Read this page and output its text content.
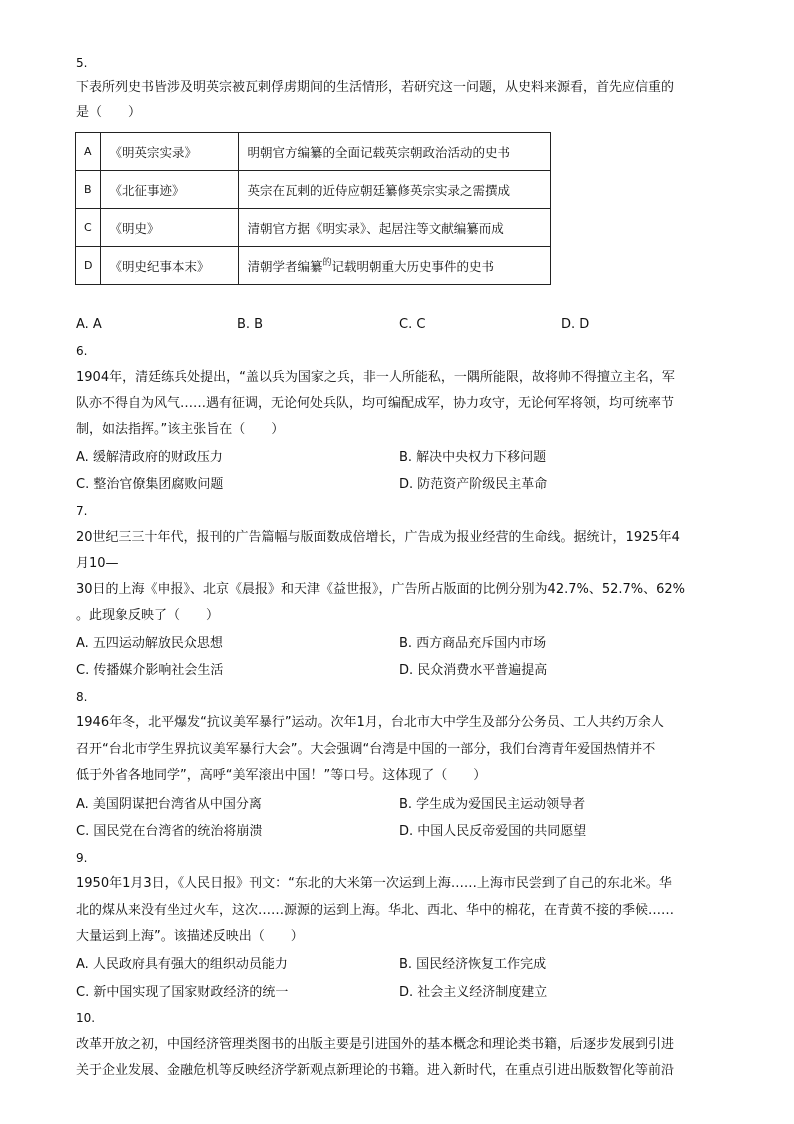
5.
下表所列史书皆涉及明英宗被瓦剌俘虏期间的生活情形，若研究这一问题，从史料来源看，首先应信重的
是（　　）
A	《明英宗实录》	明朝官方编纂的全面记载英宗朝政治活动的史书
B	《北征事迹》	英宗在瓦剌的近侍应朝廷纂修英宗实录之需撰成
C	《明史》	清朝官方据《明实录》、起居注等文献编纂而成
D	《明史纪事本末》	清朝学者编纂$^的$记载明朝重大历史事件的史书
A. A	B. B	C. C	D. D
6.
1904年，清廷练兵处提出，“盖以兵为国家之兵，非一人所能私，一隅所能限，故将帅不得擅立主名，军
队亦不得自为风气……遇有征调，无论何处兵队，均可编配成军，协力攻守，无论何军将领，均可统率节
制，如法指挥。”该主张旨在（　　）
A. 缓解清政府的财政压力	B. 解决中央权力下移问题
C. 整治官僚集团腐败问题	D. 防范资产阶级民主革命
7.
20世纪三三十年代，报刊的广告篇幅与版面数成倍增长，广告成为报业经营的生命线。据统计，1925年4
月10—
30日的上海《申报》、北京《晨报》和天津《益世报》，广告所占版面的比例分别为42.7%、52.7%、62%
。此现象反映了（　　）
A. 五四运动解放民众思想	B. 西方商品充斥国内市场
C. 传播媒介影响社会生活	D. 民众消费水平普遍提高
8.
1946年冬，北平爆发“抗议美军暴行”运动。次年1月，台北市大中学生及部分公务员、工人共约万余人
召开“台北市学生界抗议美军暴行大会”。大会强调“台湾是中国的一部分，我们台湾青年爱国热情并不
低于外省各地同学”，高呼“美军滚出中国！”等口号。这体现了（　　）
A. 美国阴谋把台湾省从中国分离	B. 学生成为爱国民主运动领导者
C. 国民党在台湾省的统治将崩溃	D. 中国人民反帝爱国的共同愿望
9.
1950年1月3日，《人民日报》刊文：“东北的大米第一次运到上海……上海市民尝到了自己的东北米。华
北的煤从来没有坐过火车，这次……源源的运到上海。华北、西北、华中的棉花，在青黄不接的季候……
大量运到上海”。该描述反映出（　　）
A. 人民政府具有强大的组织动员能力	B. 国民经济恢复工作完成
C. 新中国实现了国家财政经济的统一	D. 社会主义经济制度建立
10.
改革开放之初，中国经济管理类图书的出版主要是引进国外的基本概念和理论类书籍，后逐步发展到引进
关于企业发展、金融危机等反映经济学新观点新理论的书籍。进入新时代，在重点引进出版数智化等前沿
